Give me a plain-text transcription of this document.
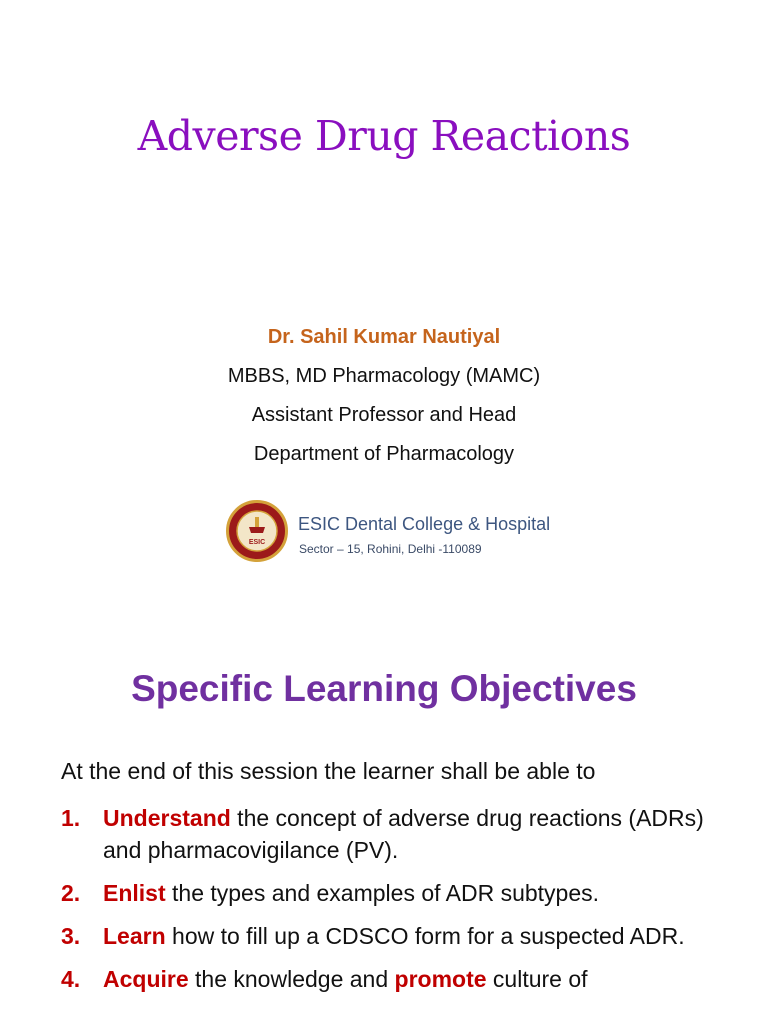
Adverse Drug Reactions
Dr. Sahil Kumar Nautiyal
MBBS, MD Pharmacology (MAMC)
Assistant Professor and Head
Department of Pharmacology
ESIC
ESIC Dental College & Hospital
Sector – 15, Rohini, Delhi -110089
Specific Learning Objectives
At the end of this session the learner shall be able to
1. Understand the concept of adverse drug reactions (ADRs) and pharmacovigilance (PV).
2. Enlist the types and examples of ADR subtypes.
3. Learn how to fill up a CDSCO form for a suspected ADR.
4. Acquire the knowledge and promote culture of
